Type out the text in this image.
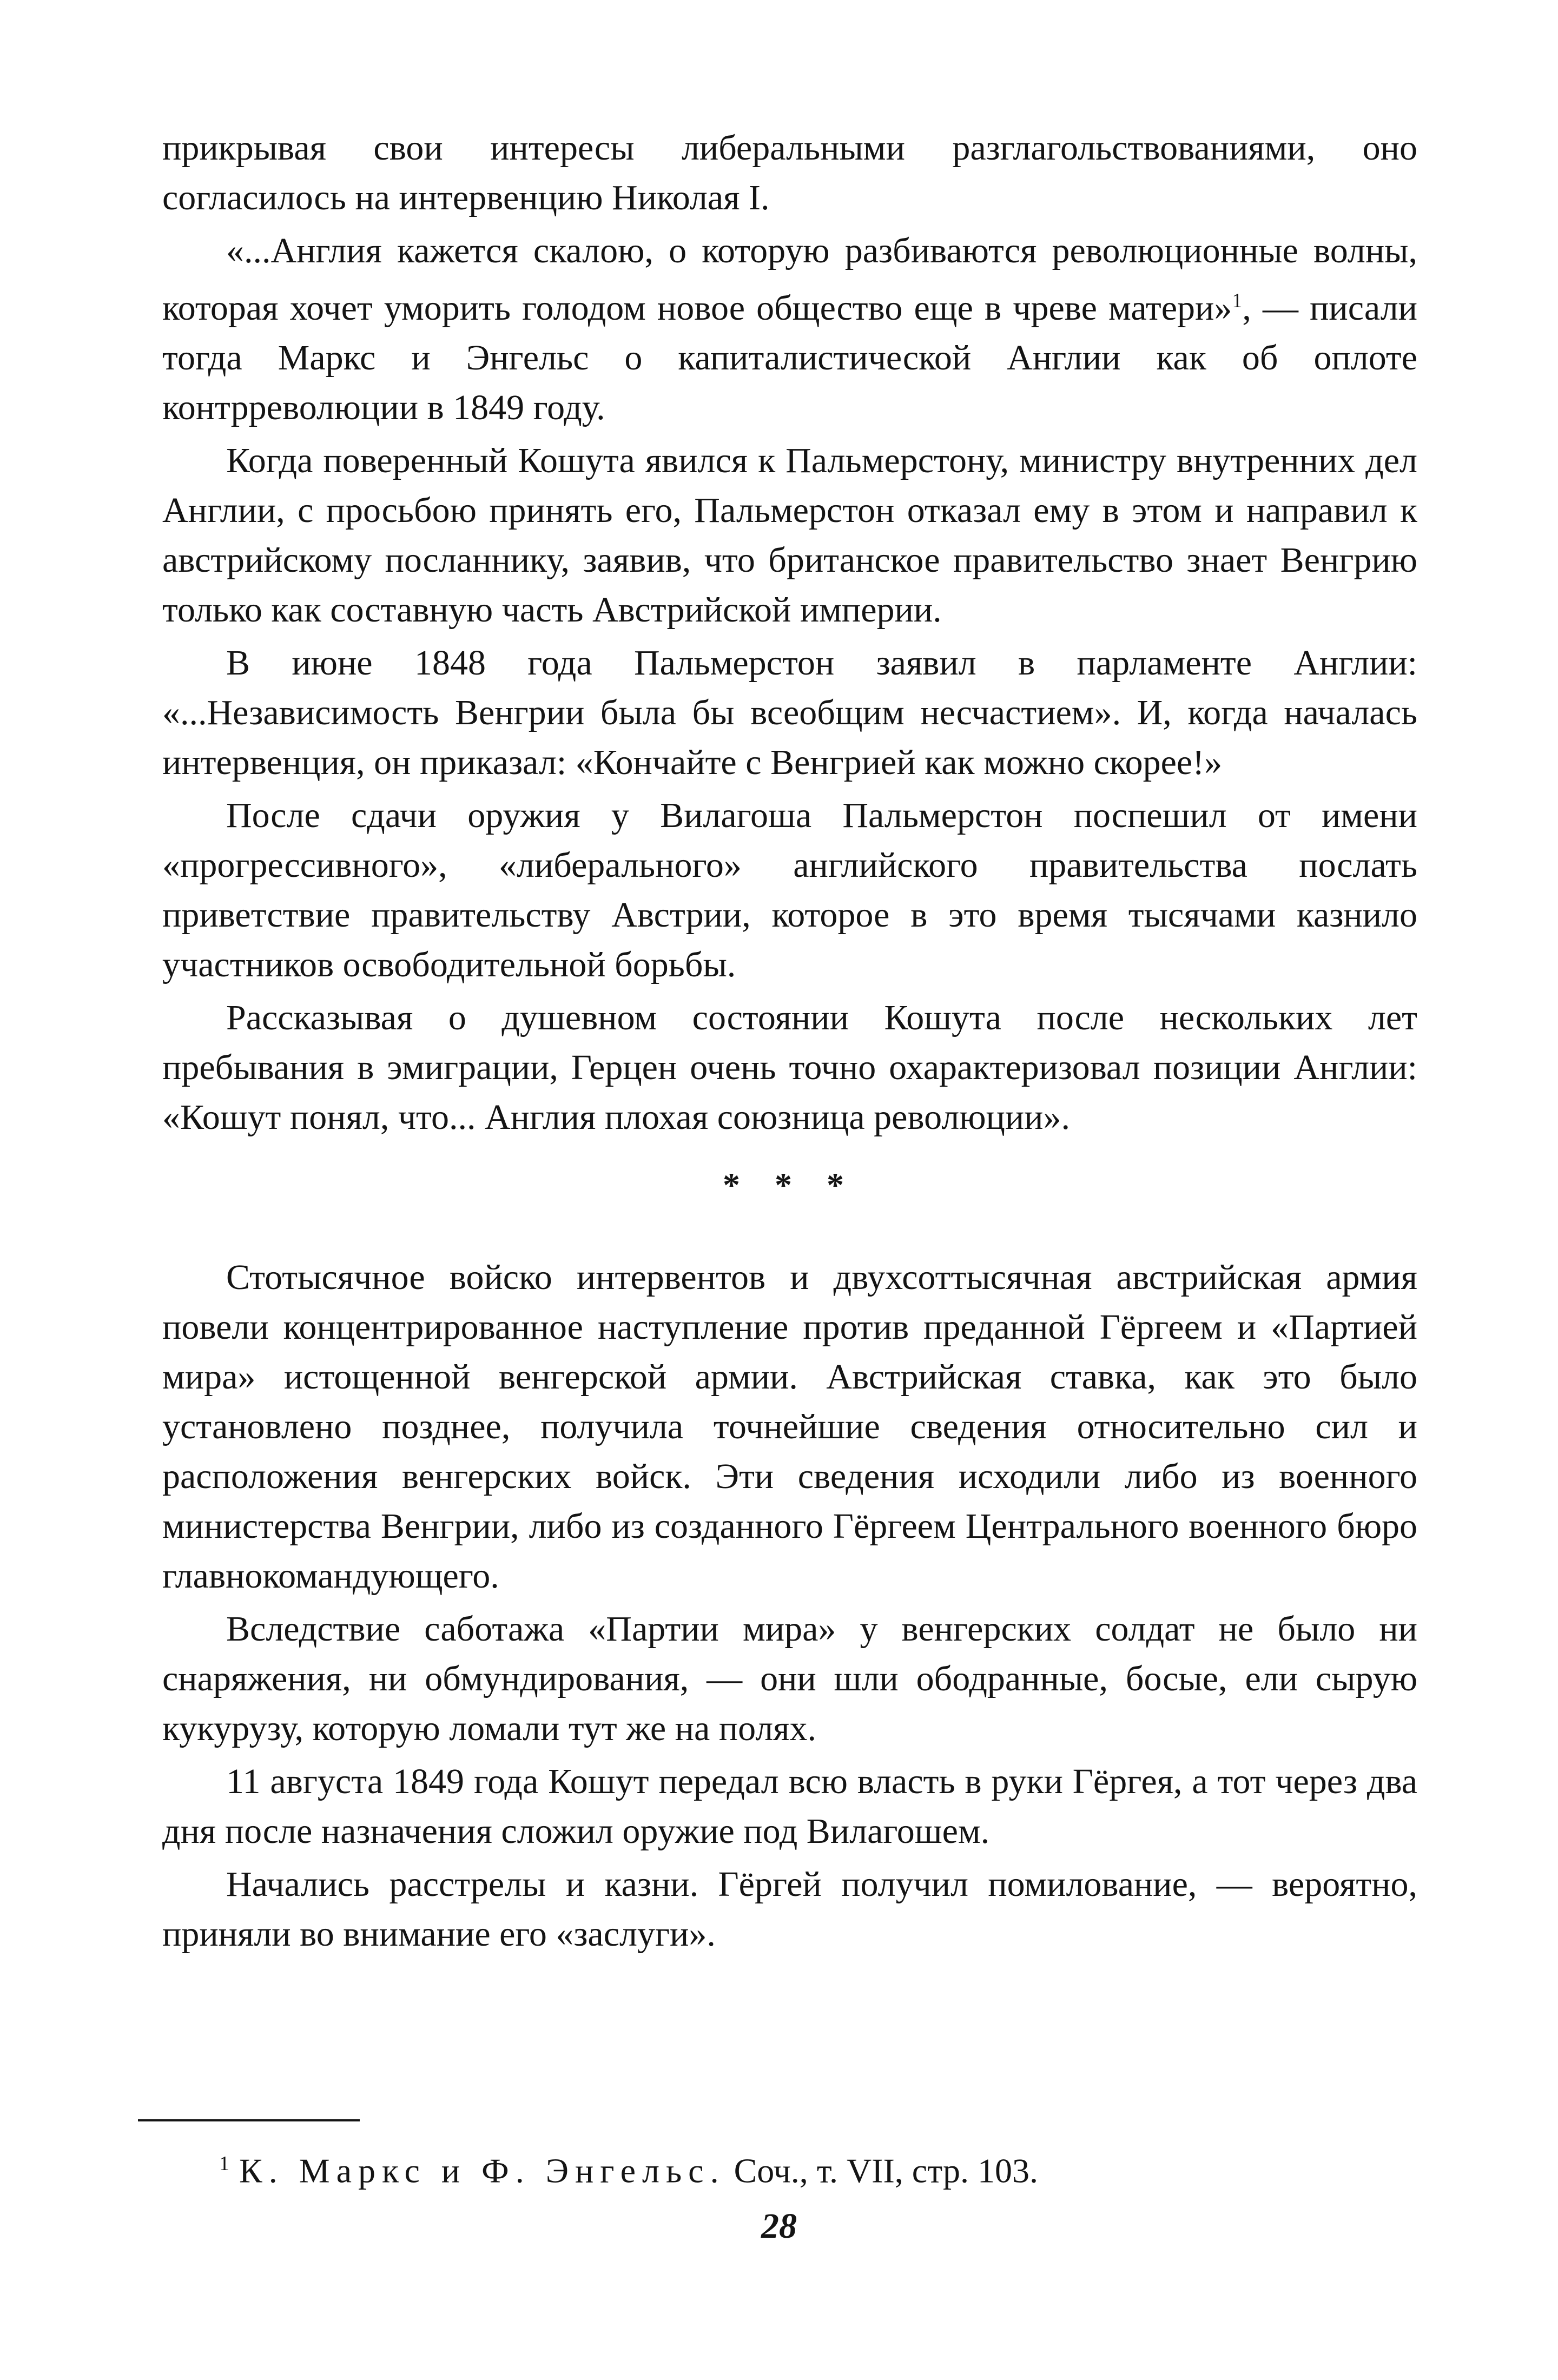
прикрывая свои интересы либеральными разглагольствованиями, оно согласилось на интервенцию Николая I.

«...Англия кажется скалою, о которую разбиваются революционные волны, которая хочет уморить голодом новое общество еще в чреве матери»$^1$, — писали тогда Маркс и Энгельс о капиталистической Англии как об оплоте контрреволюции в 1849 году.

Когда поверенный Кошута явился к Пальмерстону, министру внутренних дел Англии, с просьбою принять его, Пальмерстон отказал ему в этом и направил к австрийскому посланнику, заявив, что британское правительство знает Венгрию только как составную часть Австрийской империи.

В июне 1848 года Пальмерстон заявил в парламенте Англии: «...Независимость Венгрии была бы всеобщим несчастием». И, когда началась интервенция, он приказал: «Кончайте с Венгрией как можно скорее!»

После сдачи оружия у Вилагоша Пальмерстон поспешил от имени «прогрессивного», «либерального» английского правительства послать приветствие правительству Австрии, которое в это время тысячами казнило участников освободительной борьбы.

Рассказывая о душевном состоянии Кошута после нескольких лет пребывания в эмиграции, Герцен очень точно охарактеризовал позиции Англии: «Кошут понял, что... Англия плохая союзница революции».

* * *

Стотысячное войско интервентов и двухсоттысячная австрийская армия повели концентрированное наступление против преданной Гёргеем и «Партией мира» истощенной венгерской армии. Австрийская ставка, как это было установлено позднее, получила точнейшие сведения относительно сил и расположения венгерских войск. Эти сведения исходили либо из военного министерства Венгрии, либо из созданного Гёргеем Центрального военного бюро главнокомандующего.

Вследствие саботажа «Партии мира» у венгерских солдат не было ни снаряжения, ни обмундирования, — они шли ободранные, босые, ели сырую кукурузу, которую ломали тут же на полях.

11 августа 1849 года Кошут передал всю власть в руки Гёргея, а тот через два дня после назначения сложил оружие под Вилагошем.

Начались расстрелы и казни. Гёргей получил помилование, — вероятно, приняли во внимание его «заслуги».

$^1$ К. Маркс и Ф. Энгельс. Соч., т. VII, стр. 103.

28
